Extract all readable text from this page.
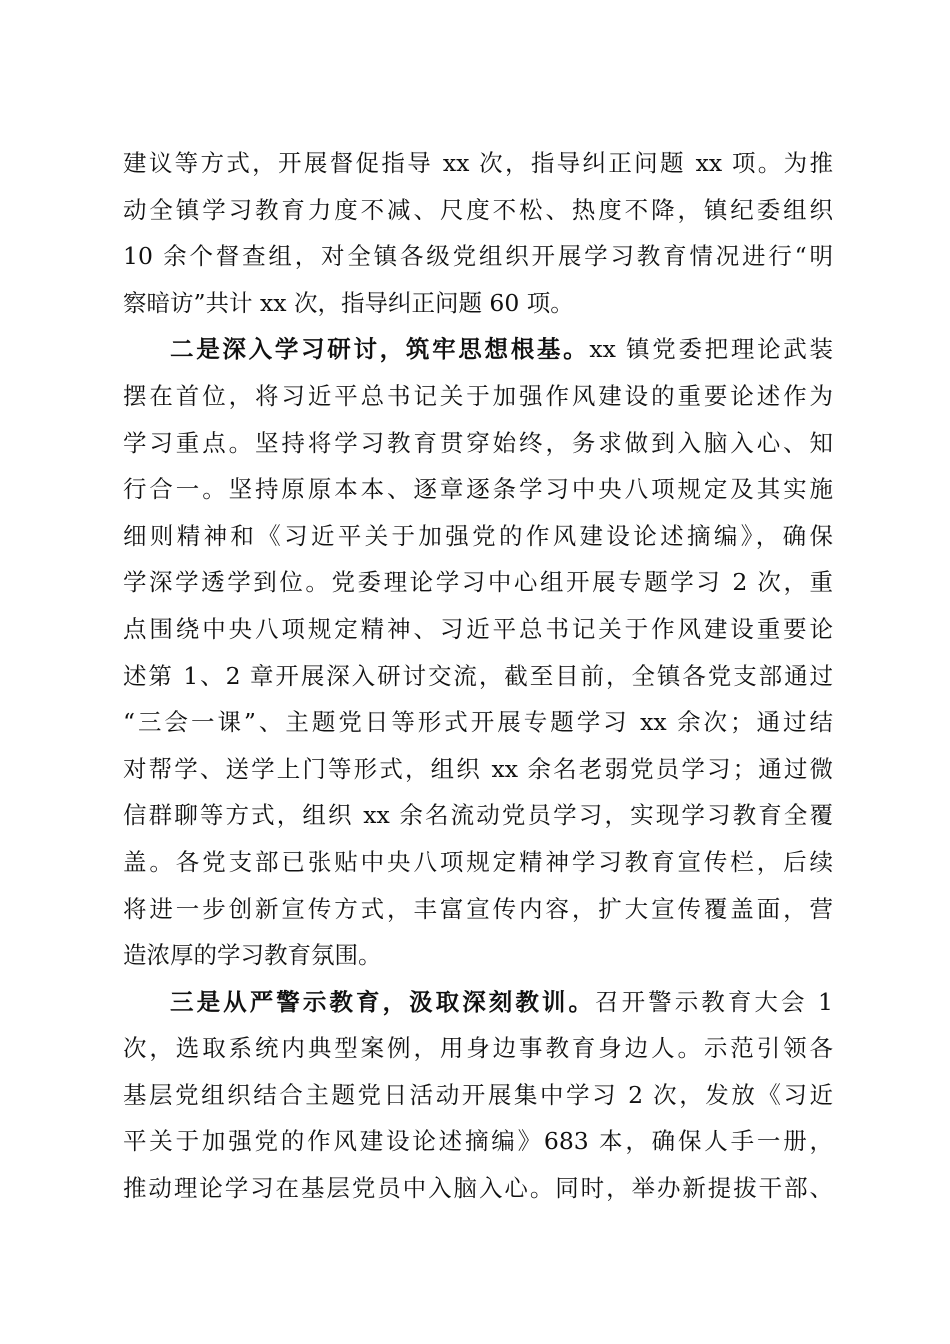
建议等方式，开展督促指导 xx 次，指导纠正问题 xx 项。为推
动全镇学习教育力度不减、尺度不松、热度不降，镇纪委组织
10 余个督查组，对全镇各级党组织开展学习教育情况进行“明
察暗访”共计 xx 次，指导纠正问题 60 项。
二是深入学习研讨，筑牢思想根基。xx 镇党委把理论武装
摆在首位，将习近平总书记关于加强作风建设的重要论述作为
学习重点。坚持将学习教育贯穿始终，务求做到入脑入心、知
行合一。坚持原原本本、逐章逐条学习中央八项规定及其实施
细则精神和《习近平关于加强党的作风建设论述摘编》，确保
学深学透学到位。党委理论学习中心组开展专题学习 2 次，重
点围绕中央八项规定精神、习近平总书记关于作风建设重要论
述第 1、2 章开展深入研讨交流，截至目前，全镇各党支部通过
“三会一课”、主题党日等形式开展专题学习 xx 余次；通过结
对帮学、送学上门等形式，组织 xx 余名老弱党员学习；通过微
信群聊等方式，组织 xx 余名流动党员学习，实现学习教育全覆
盖。各党支部已张贴中央八项规定精神学习教育宣传栏，后续
将进一步创新宣传方式，丰富宣传内容，扩大宣传覆盖面，营
造浓厚的学习教育氛围。
三是从严警示教育，汲取深刻教训。召开警示教育大会 1
次，选取系统内典型案例，用身边事教育身边人。示范引领各
基层党组织结合主题党日活动开展集中学习 2 次，发放《习近
平关于加强党的作风建设论述摘编》683 本，确保人手一册，
推动理论学习在基层党员中入脑入心。同时，举办新提拔干部、
